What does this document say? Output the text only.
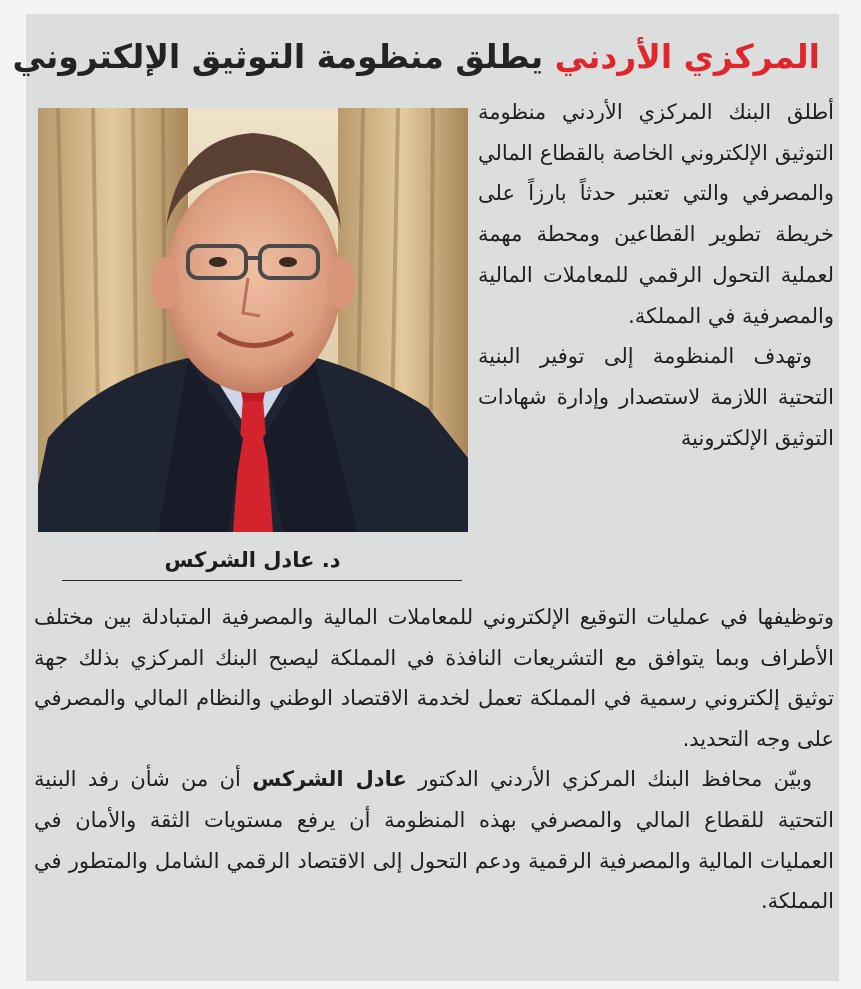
المركزي الأردني يطلق منظومة التوثيق الإلكتروني
د. عادل الشركس

أطلق البنك المركزي الأردني منظومة التوثيق الإلكتروني الخاصة بالقطاع المالي والمصرفي والتي تعتبر حدثاً بارزاً على خريطة تطوير القطاعين ومحطة مهمة لعملية التحول الرقمي للمعاملات المالية والمصرفية في المملكة.

وتهدف المنظومة إلى توفير البنية التحتية اللازمة لاستصدار وإدارة شهادات التوثيق الإلكترونية

وتوظيفها في عمليات التوقيع الإلكتروني للمعاملات المالية والمصرفية المتبادلة بين مختلف الأطراف وبما يتوافق مع التشريعات النافذة في المملكة ليصبح البنك المركزي بذلك جهة توثيق إلكتروني رسمية في المملكة تعمل لخدمة الاقتصاد الوطني والنظام المالي والمصرفي على وجه التحديد.

وبيّن محافظ البنك المركزي الأردني الدكتور عادل الشركس أن من شأن رفد البنية التحتية للقطاع المالي والمصرفي بهذه المنظومة أن يرفع مستويات الثقة والأمان في العمليات المالية والمصرفية الرقمية ودعم التحول إلى الاقتصاد الرقمي الشامل والمتطور في المملكة.
